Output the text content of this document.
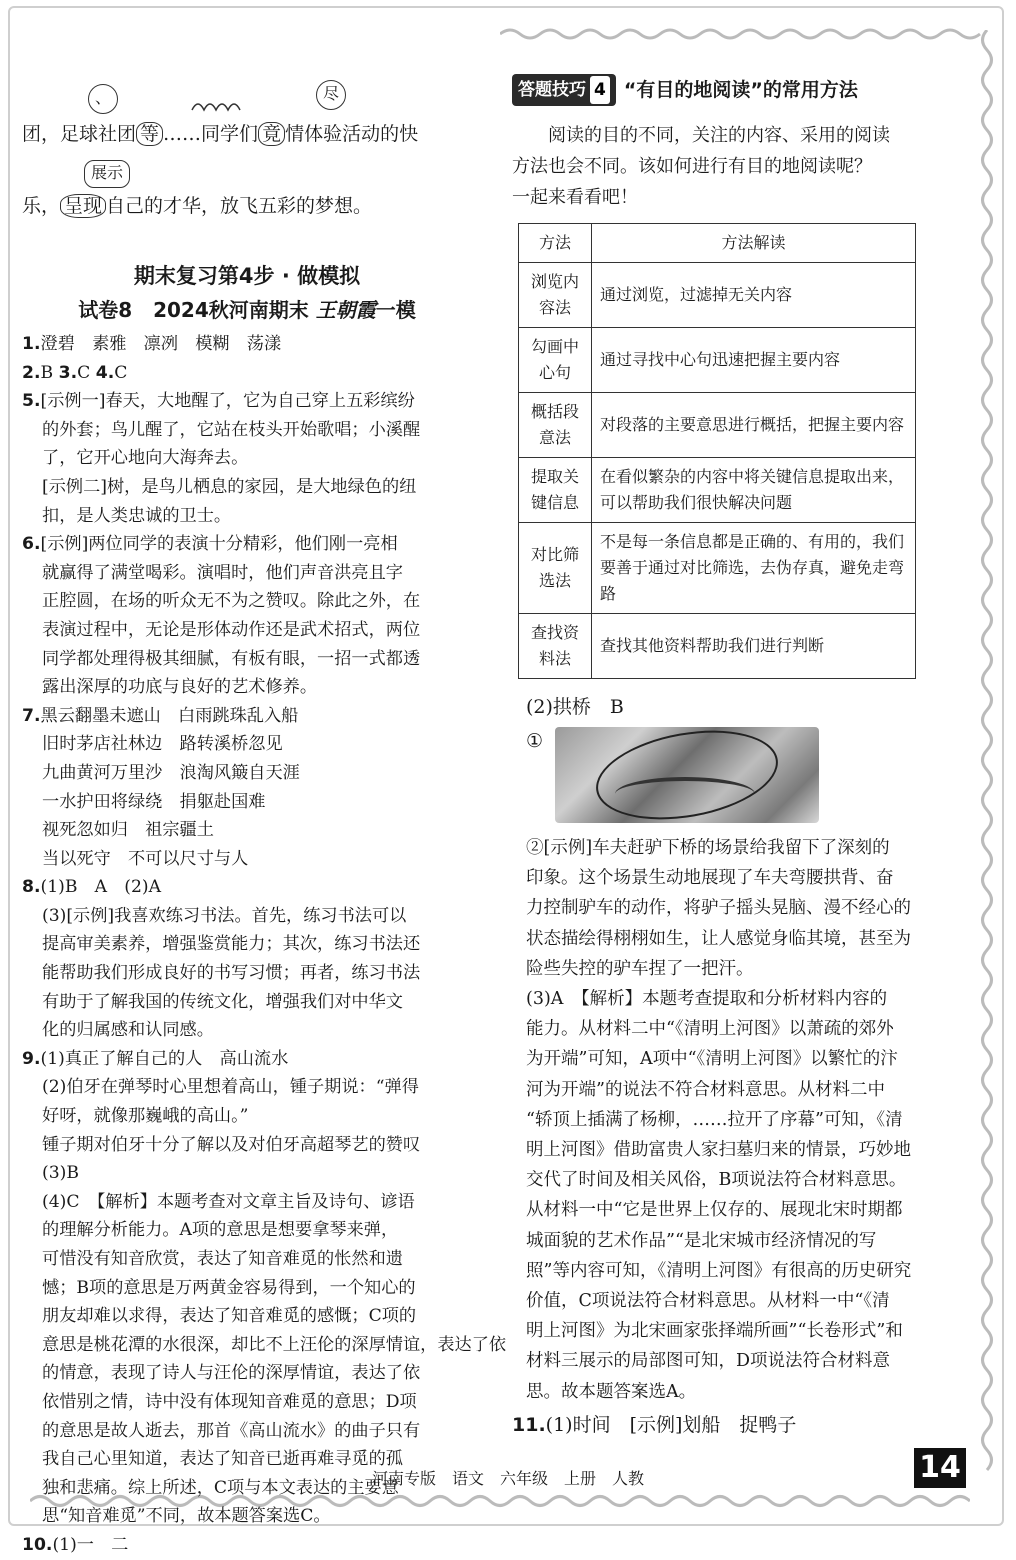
、	尽
团，足球社团 等 ……同学们 竟 情体验活动的快
展示
乐， 呈现 自己的才华，放飞五彩的梦想。
期末复习第4步 · 做模拟
试卷8 2024秋河南期末 王朝霞一模
1.澄碧　素雅　凛冽　模糊　荡漾
2.B 3.C 4.C
5.[示例一]春天，大地醒了，它为自己穿上五彩缤纷
的外套；鸟儿醒了，它站在枝头开始歌唱；小溪醒
了，它开心地向大海奔去。
[示例二]树，是鸟儿栖息的家园，是大地绿色的纽
扣，是人类忠诚的卫士。
6.[示例]两位同学的表演十分精彩，他们刚一亮相
就赢得了满堂喝彩。演唱时，他们声音洪亮且字
正腔圆，在场的听众无不为之赞叹。除此之外，在
表演过程中，无论是形体动作还是武术招式，两位
同学都处理得极其细腻，有板有眼，一招一式都透
露出深厚的功底与良好的艺术修养。
7.黑云翻墨未遮山　白雨跳珠乱入船
旧时茅店社林边　路转溪桥忽见
九曲黄河万里沙　浪淘风簸自天涯
一水护田将绿绕　捐躯赴国难
视死忽如归　祖宗疆土
当以死守　不可以尺寸与人
8.(1)B　A　(2)A
(3)[示例]我喜欢练习书法。首先，练习书法可以
提高审美素养，增强鉴赏能力；其次，练习书法还
能帮助我们形成良好的书写习惯；再者，练习书法
有助于了解我国的传统文化，增强我们对中华文
化的归属感和认同感。
9.(1)真正了解自己的人　高山流水
(2)伯牙在弹琴时心里想着高山，锺子期说：“弹得
好呀，就像那巍峨的高山。”
锺子期对伯牙十分了解以及对伯牙高超琴艺的赞叹
(3)B
(4)C　【解析】本题考查对文章主旨及诗句、谚语
的理解分析能力。A项的意思是想要拿琴来弹，
可惜没有知音欣赏，表达了知音难觅的怅然和遗
憾；B项的意思是万两黄金容易得到，一个知心的
朋友却难以求得，表达了知音难觅的感慨；C项的
意思是桃花潭的水很深，却比不上汪伦的深厚情谊，表达了依
的情意，表现了诗人与汪伦的深厚情谊，表达了依
依惜别之情，诗中没有体现知音难觅的意思；D项
的意思是故人逝去，那首《高山流水》的曲子只有
我自己心里知道，表达了知音已逝再难寻觅的孤
独和悲痛。综上所述，C项与本文表达的主要意
思“知音难觅”不同，故本题答案选C。
10.(1)一　二
答题技巧 4 “有目的地阅读”的常用方法
阅读的目的不同，关注的内容、采用的阅读
方法也会不同。该如何进行有目的地阅读呢？
一起来看看吧！
方法	方法解读
浏览内容法	通过浏览，过滤掉无关内容
勾画中心句	通过寻找中心句迅速把握主要内容
概括段意法	对段落的主要意思进行概括，把握主要内容
提取关键信息	在看似繁杂的内容中将关键信息提取出来，可以帮助我们很快解决问题
对比筛选法	不是每一条信息都是正确的、有用的，我们要善于通过对比筛选，去伪存真，避免走弯路
查找资料法	查找其他资料帮助我们进行判断
(2)拱桥　B
①
②[示例]车夫赶驴下桥的场景给我留下了深刻的
印象。这个场景生动地展现了车夫弯腰拱背、奋
力控制驴车的动作，将驴子摇头晃脑、漫不经心的
状态描绘得栩栩如生，让人感觉身临其境，甚至为
险些失控的驴车捏了一把汗。
(3)A　【解析】本题考查提取和分析材料内容的
能力。从材料二中“《清明上河图》以萧疏的郊外
为开端”可知，A项中“《清明上河图》以繁忙的汴
河为开端”的说法不符合材料意思。从材料二中
“轿顶上插满了杨柳，……拉开了序幕”可知，《清
明上河图》借助富贵人家扫墓归来的情景，巧妙地
交代了时间及相关风俗，B项说法符合材料意思。
从材料一中“它是世界上仅存的、展现北宋时期都
城面貌的艺术作品”“是北宋城市经济情况的写
照”等内容可知，《清明上河图》有很高的历史研究
价值，C项说法符合材料意思。从材料一中“《清
明上河图》为北宋画家张择端所画”“长卷形式”和
材料三展示的局部图可知，D项说法符合材料意
思。故本题答案选A。
11.(1)时间　[示例]划船　捉鸭子
河南专版　语文　六年级　上册　人教	14
